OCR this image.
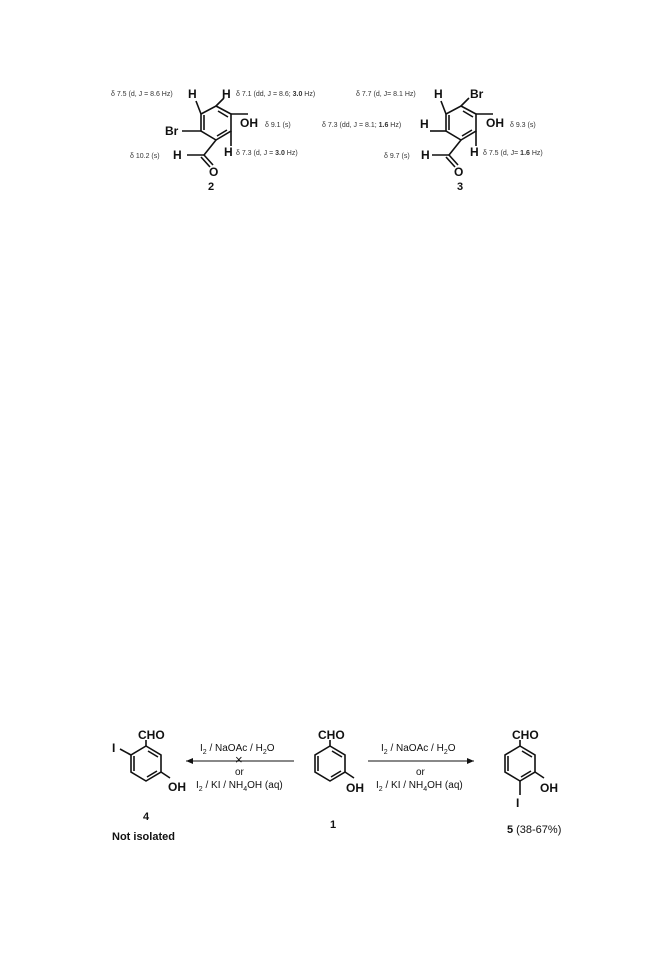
H H
Br
OH
H
H
O
δ 7.5 (d, J = 8.6 Hz)	δ 7.1 (dd, J = 8.6; 3.0 Hz)
δ 9.1 (s)
δ 10.2 (s)	δ 7.3 (d, J = 3.0 Hz)
2
H Br
H	OH
H
H
O
δ 7.7 (d, J= 8.1 Hz)
δ 7.3 (dd, J = 8.1; 1.6 Hz)	δ 9.3 (s)
δ 9.7 (s)	δ 7.5 (d, J= 1.6 Hz)
3
CHO
I
OH
4
Not isolated
CHO
OH
1
CHO
OH
I
5 (38-67%)
$I_2$ / NaOAc / $H_2O$
×
or
$I_2$ / KI / $NH_4OH$ (aq)
$I_2$ / NaOAc / $H_2O$
or
$I_2$ / KI / $NH_4OH$ (aq)
